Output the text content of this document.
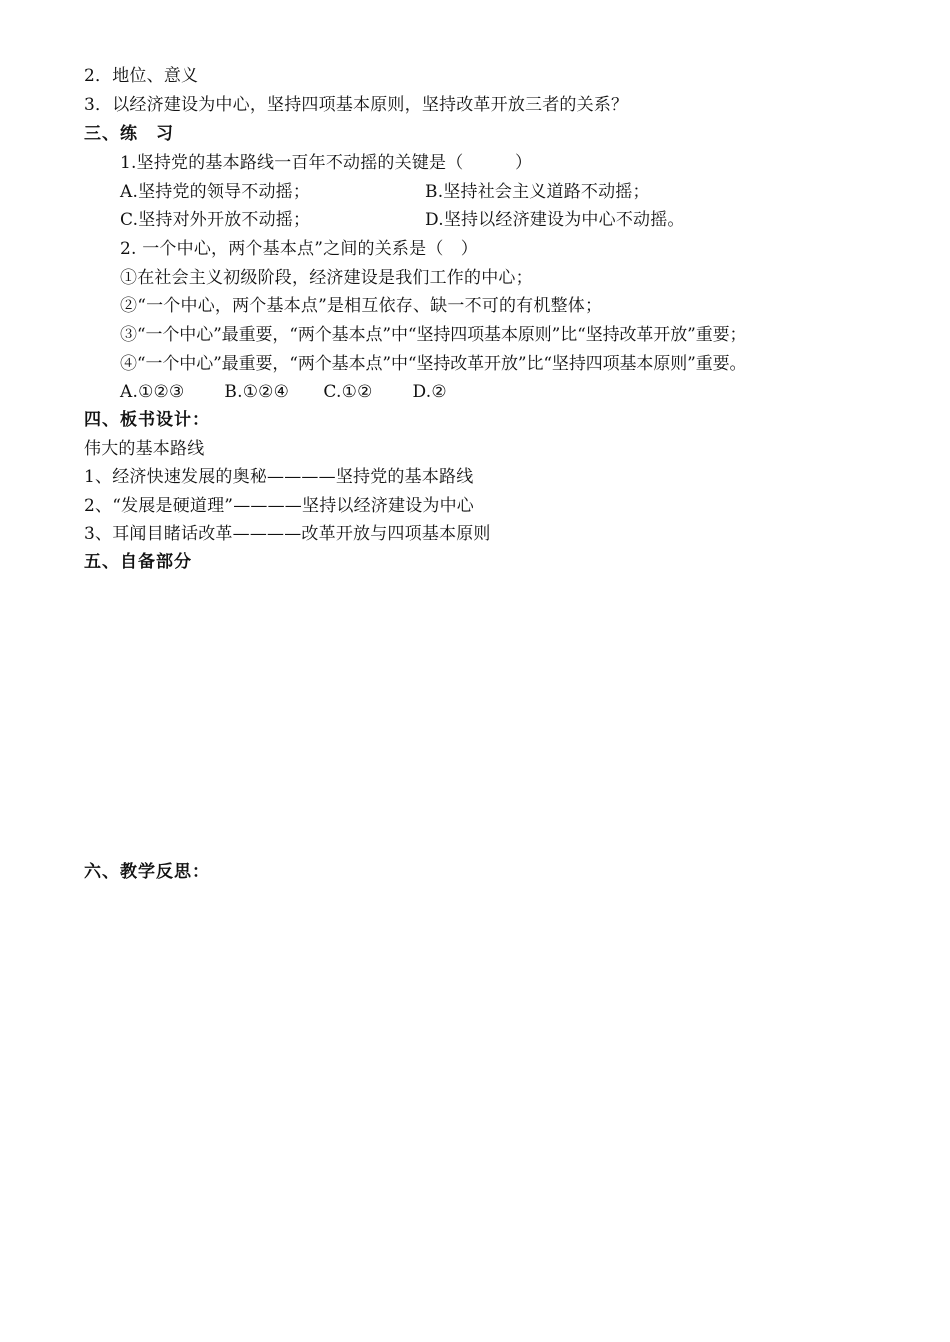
2．地位、意义
3．以经济建设为中心，坚持四项基本原则，坚持改革开放三者的关系？
三、练　习
1.坚持党的基本路线一百年不动摇的关键是（　　　）
A.坚持党的领导不动摇；	B.坚持社会主义道路不动摇；
C.坚持对外开放不动摇；	D.坚持以经济建设为中心不动摇。
2. 一个中心，两个基本点”之间的关系是（　）
①在社会主义初级阶段，经济建设是我们工作的中心；
②“一个中心，两个基本点”是相互依存、缺一不可的有机整体；
③“一个中心”最重要，“两个基本点”中“坚持四项基本原则”比“坚持改革开放”重要；
④“一个中心”最重要，“两个基本点”中“坚持改革开放”比“坚持四项基本原则”重要。
A.①②③　　 B.①②④　　C.①②　　 D.②
四、板书设计：
伟大的基本路线
1、经济快速发展的奥秘————坚持党的基本路线
2、“发展是硬道理”————坚持以经济建设为中心
3、耳闻目睹话改革————改革开放与四项基本原则
五、自备部分
六、教学反思：
